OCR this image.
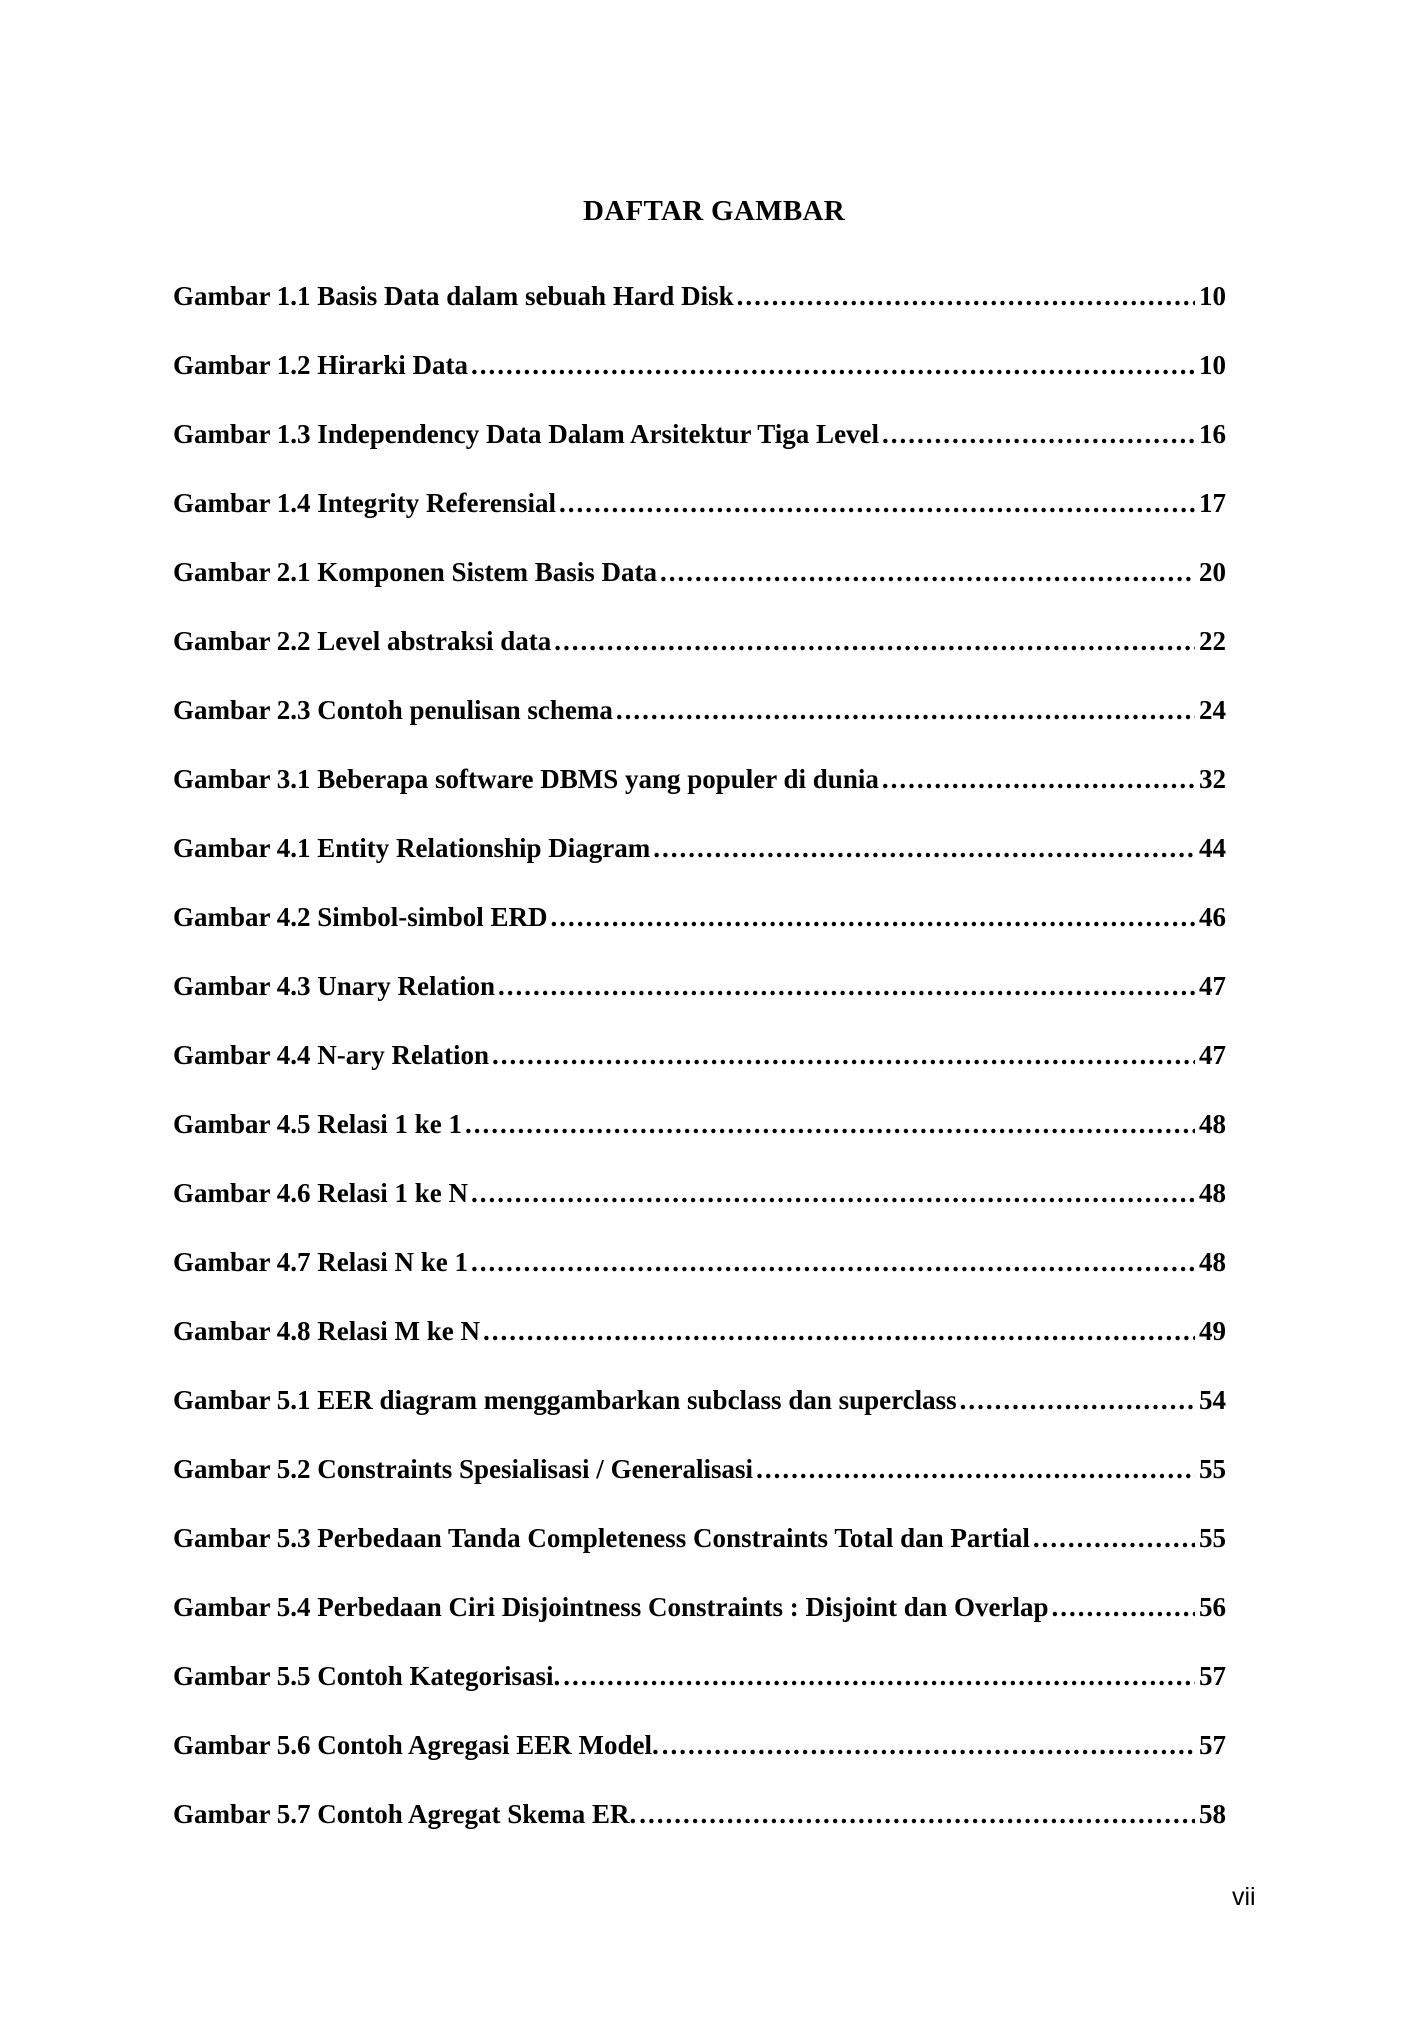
DAFTAR GAMBAR
Gambar 1.1 Basis Data dalam sebuah Hard Disk .....	10
Gambar 1.2 Hirarki Data .....	10
Gambar 1.3 Independency Data Dalam Arsitektur Tiga Level .....	16
Gambar 1.4 Integrity Referensial .....	17
Gambar 2.1 Komponen Sistem Basis Data .....	20
Gambar 2.2 Level abstraksi data .....	22
Gambar 2.3 Contoh penulisan schema .....	24
Gambar 3.1 Beberapa software DBMS yang populer di dunia .....	32
Gambar 4.1 Entity Relationship Diagram .....	44
Gambar 4.2 Simbol-simbol ERD .....	46
Gambar 4.3 Unary Relation .....	47
Gambar 4.4 N-ary Relation .....	47
Gambar 4.5 Relasi 1 ke 1 .....	48
Gambar 4.6 Relasi 1 ke N .....	48
Gambar 4.7 Relasi N ke 1 .....	48
Gambar 4.8 Relasi M ke N .....	49
Gambar 5.1 EER diagram menggambarkan subclass dan superclass .....	54
Gambar 5.2 Constraints Spesialisasi / Generalisasi .....	55
Gambar 5.3 Perbedaan Tanda Completeness Constraints Total dan Partial .....	55
Gambar 5.4 Perbedaan Ciri Disjointness Constraints : Disjoint dan Overlap .....	56
Gambar 5.5 Contoh Kategorisasi. .....	57
Gambar 5.6 Contoh Agregasi EER Model. .....	57
Gambar 5.7 Contoh Agregat Skema ER. .....	58
vii
